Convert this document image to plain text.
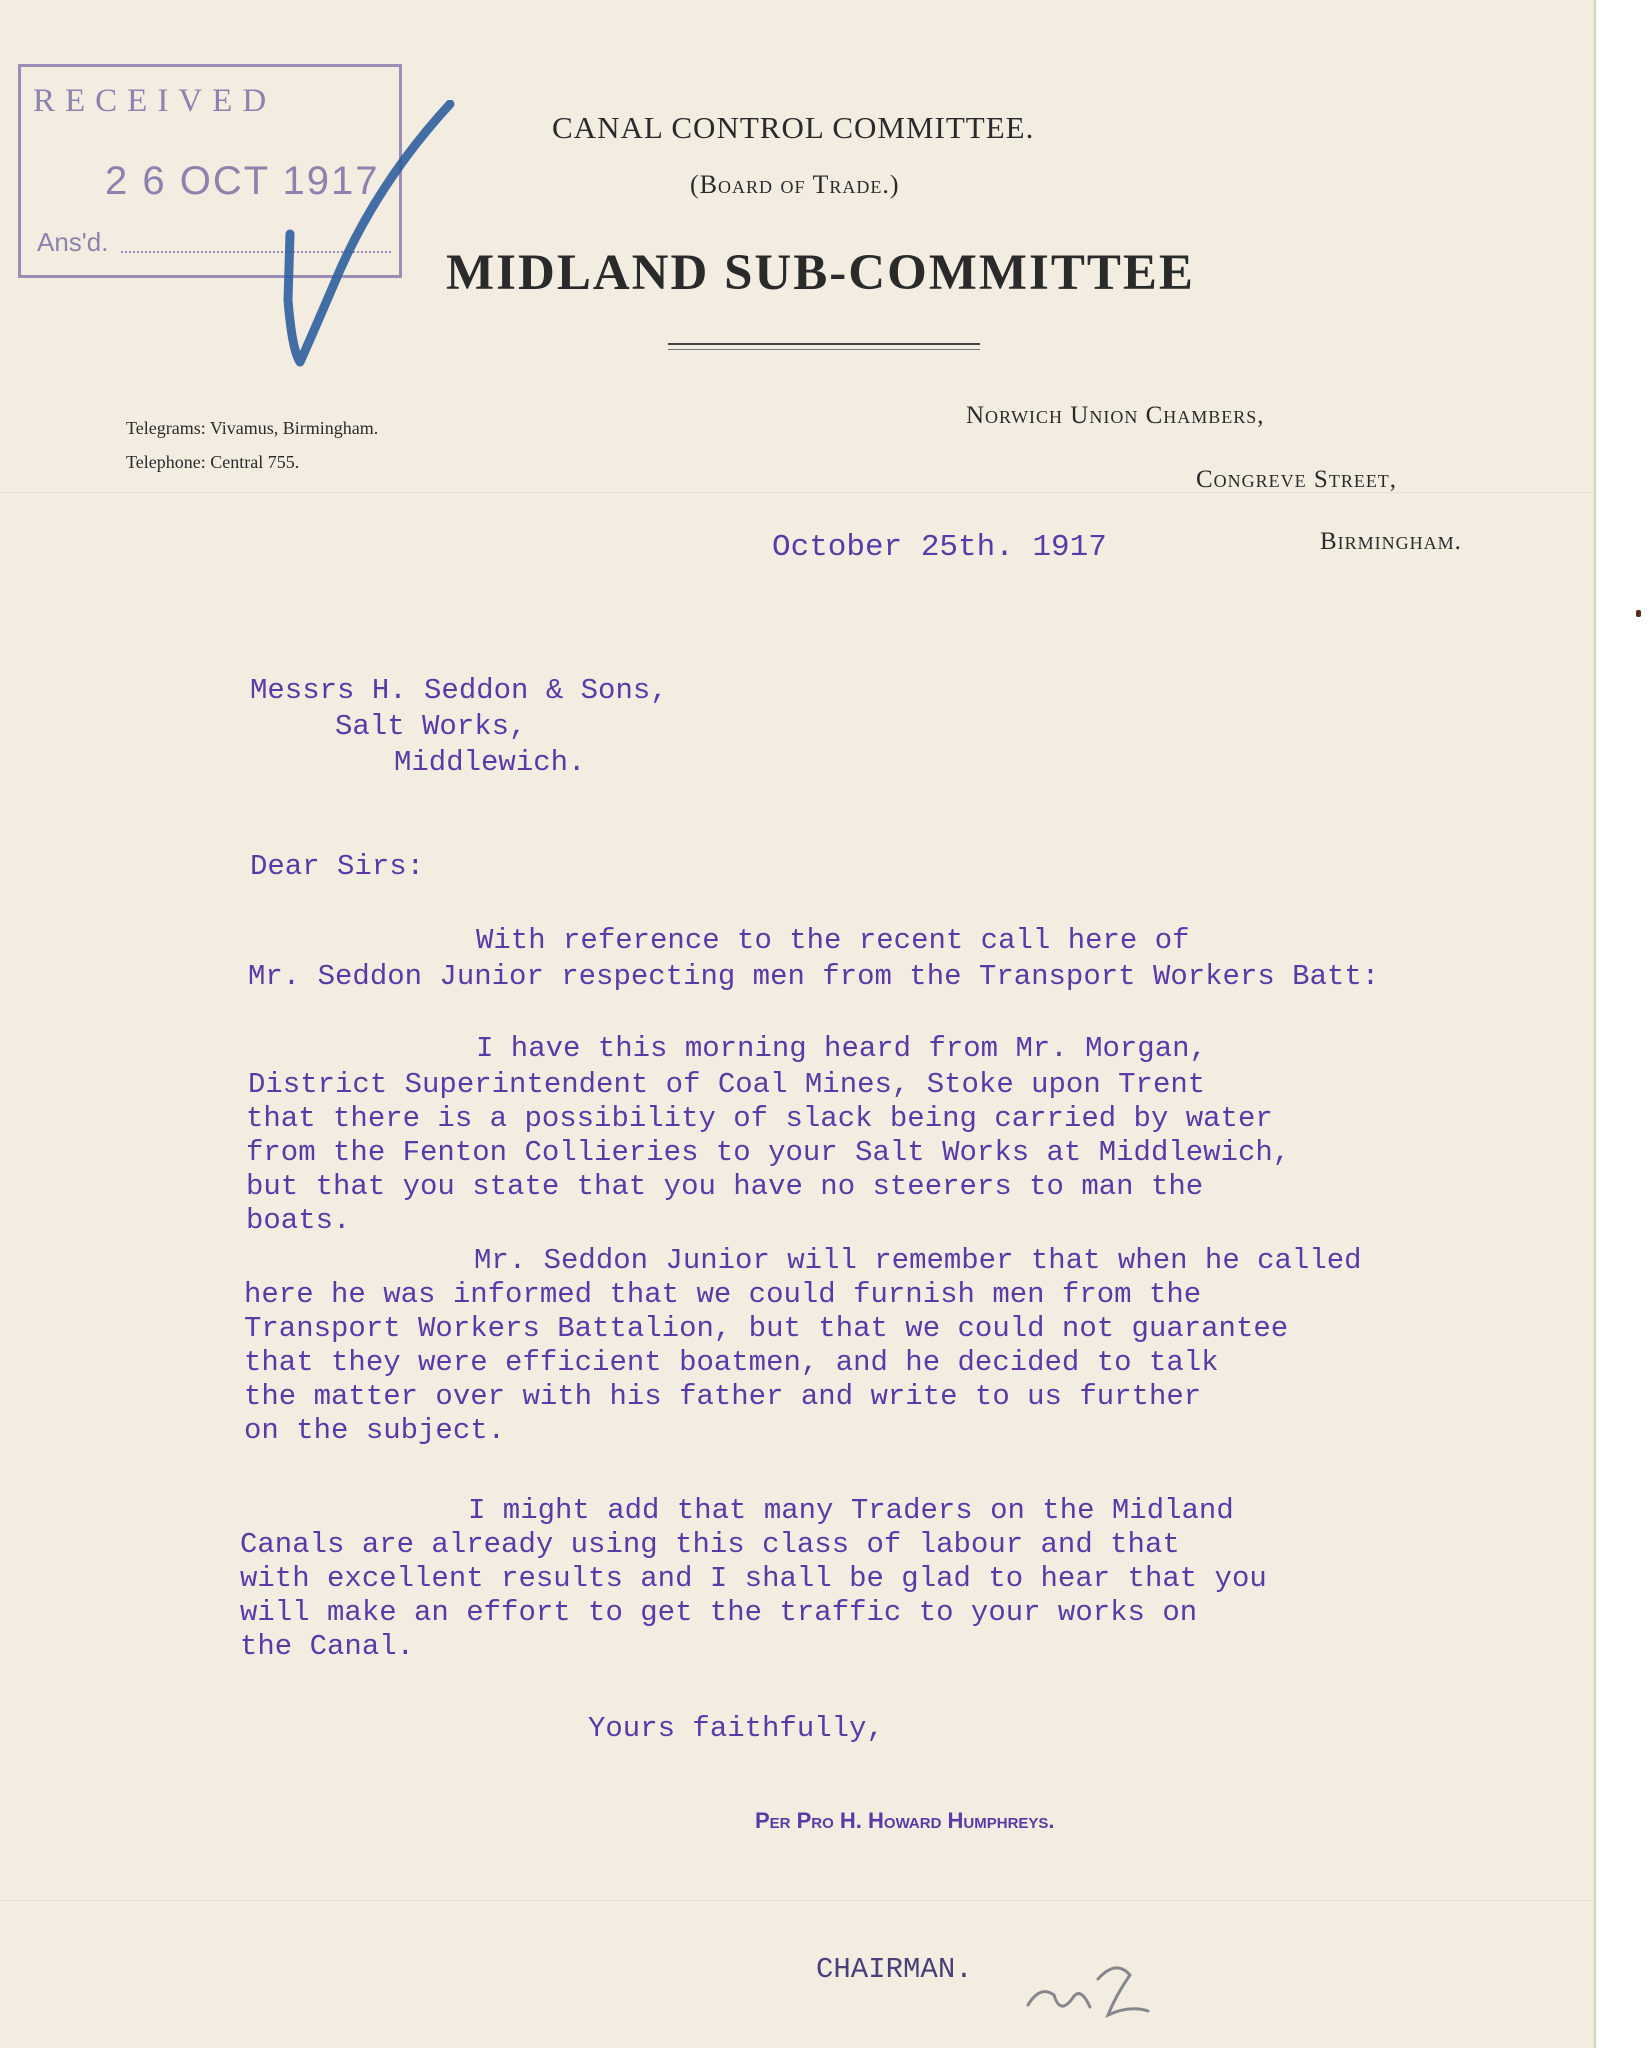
RECEIVED
2 6 OCT 1917
Ans'd.
CANAL CONTROL COMMITTEE.
(Board of Trade.)
MIDLAND SUB-COMMITTEE
Telegrams: Vivamus, Birmingham.
Telephone: Central 755.
Norwich Union Chambers,
Congreve Street,
Birmingham.
October 25th. 1917
Messrs H. Seddon & Sons,
Salt Works,
Middlewich.
Dear Sirs:
With reference to the recent call here of
Mr. Seddon Junior respecting men from the Transport Workers Batt:
I have this morning heard from Mr. Morgan,
District Superintendent of Coal Mines, Stoke upon Trent
that there is a possibility of slack being carried by water
from the Fenton Collieries to your Salt Works at Middlewich,
but that you state that you have no steerers to man the
boats.
Mr. Seddon Junior will remember that when he called
here he was informed that we could furnish men from the
Transport Workers Battalion, but that we could not guarantee
that they were efficient boatmen, and he decided to talk
the matter over with his father and write to us further
on the subject.
I might add that many Traders on the Midland
Canals are already using this class of labour and that
with excellent results and I shall be glad to hear that you
will make an effort to get the traffic to your works on
the Canal.
Yours faithfully,
Per Pro H. Howard Humphreys.
CHAIRMAN.
